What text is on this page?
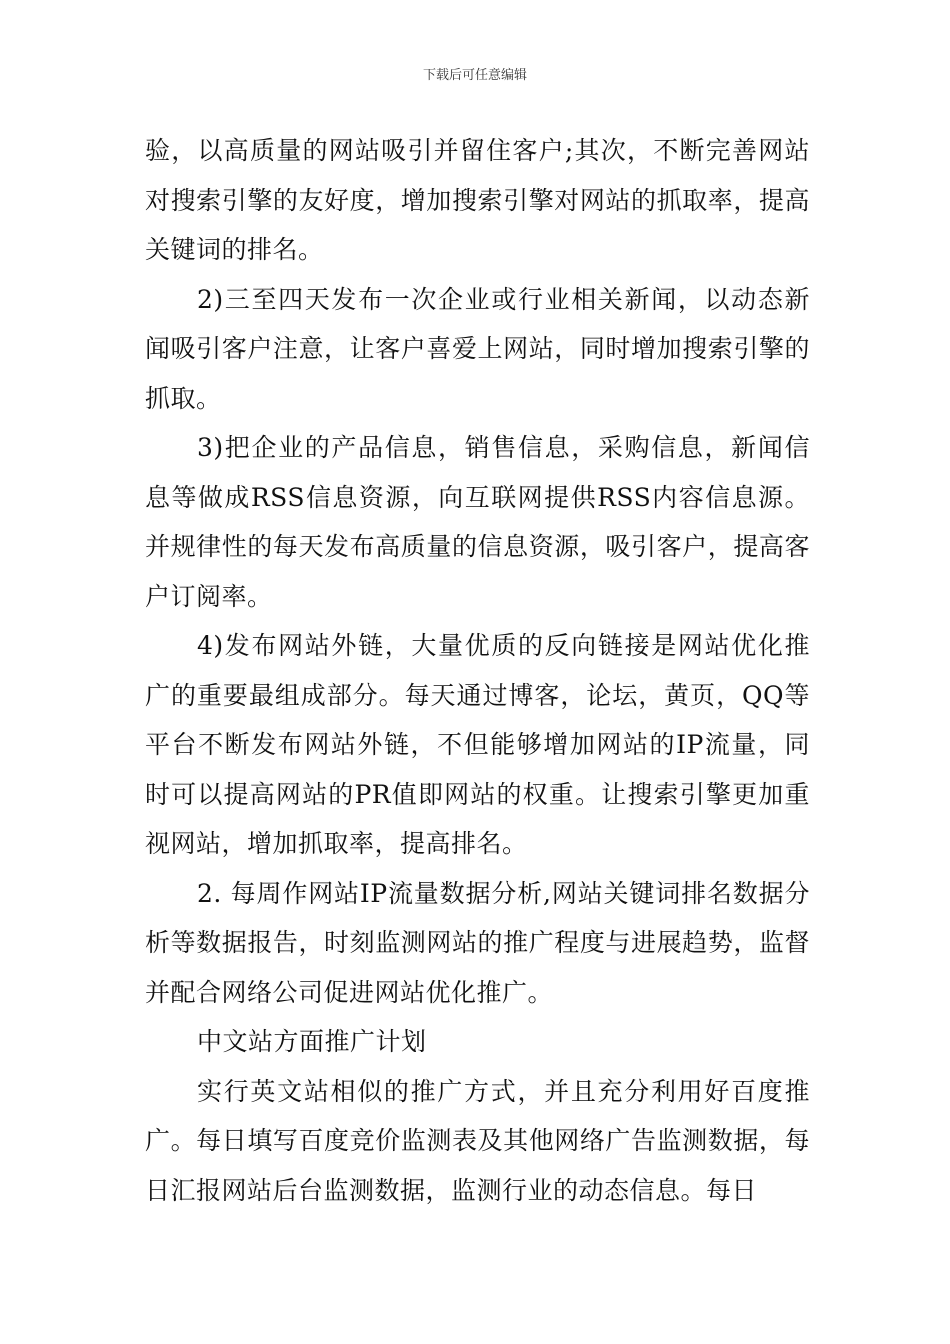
下载后可任意编辑

验，以高质量的网站吸引并留住客户;其次，不断完善网站对搜索引擎的友好度，增加搜索引擎对网站的抓取率，提高关键词的排名。

2)三至四天发布一次企业或行业相关新闻，以动态新闻吸引客户注意，让客户喜爱上网站，同时增加搜索引擎的抓取。

3)把企业的产品信息，销售信息，采购信息，新闻信息等做成RSS信息资源，向互联网提供RSS内容信息源。并规律性的每天发布高质量的信息资源，吸引客户，提高客户订阅率。

4)发布网站外链，大量优质的反向链接是网站优化推广的重要最组成部分。每天通过博客，论坛，黄页，QQ等平台不断发布网站外链，不但能够增加网站的IP流量，同时可以提高网站的PR值即网站的权重。让搜索引擎更加重视网站，增加抓取率，提高排名。

2. 每周作网站IP流量数据分析,网站关键词排名数据分析等数据报告，时刻监测网站的推广程度与进展趋势，监督并配合网络公司促进网站优化推广。

中文站方面推广计划

实行英文站相似的推广方式，并且充分利用好百度推广。每日填写百度竞价监测表及其他网络广告监测数据，每日汇报网站后台监测数据，监测行业的动态信息。每日
